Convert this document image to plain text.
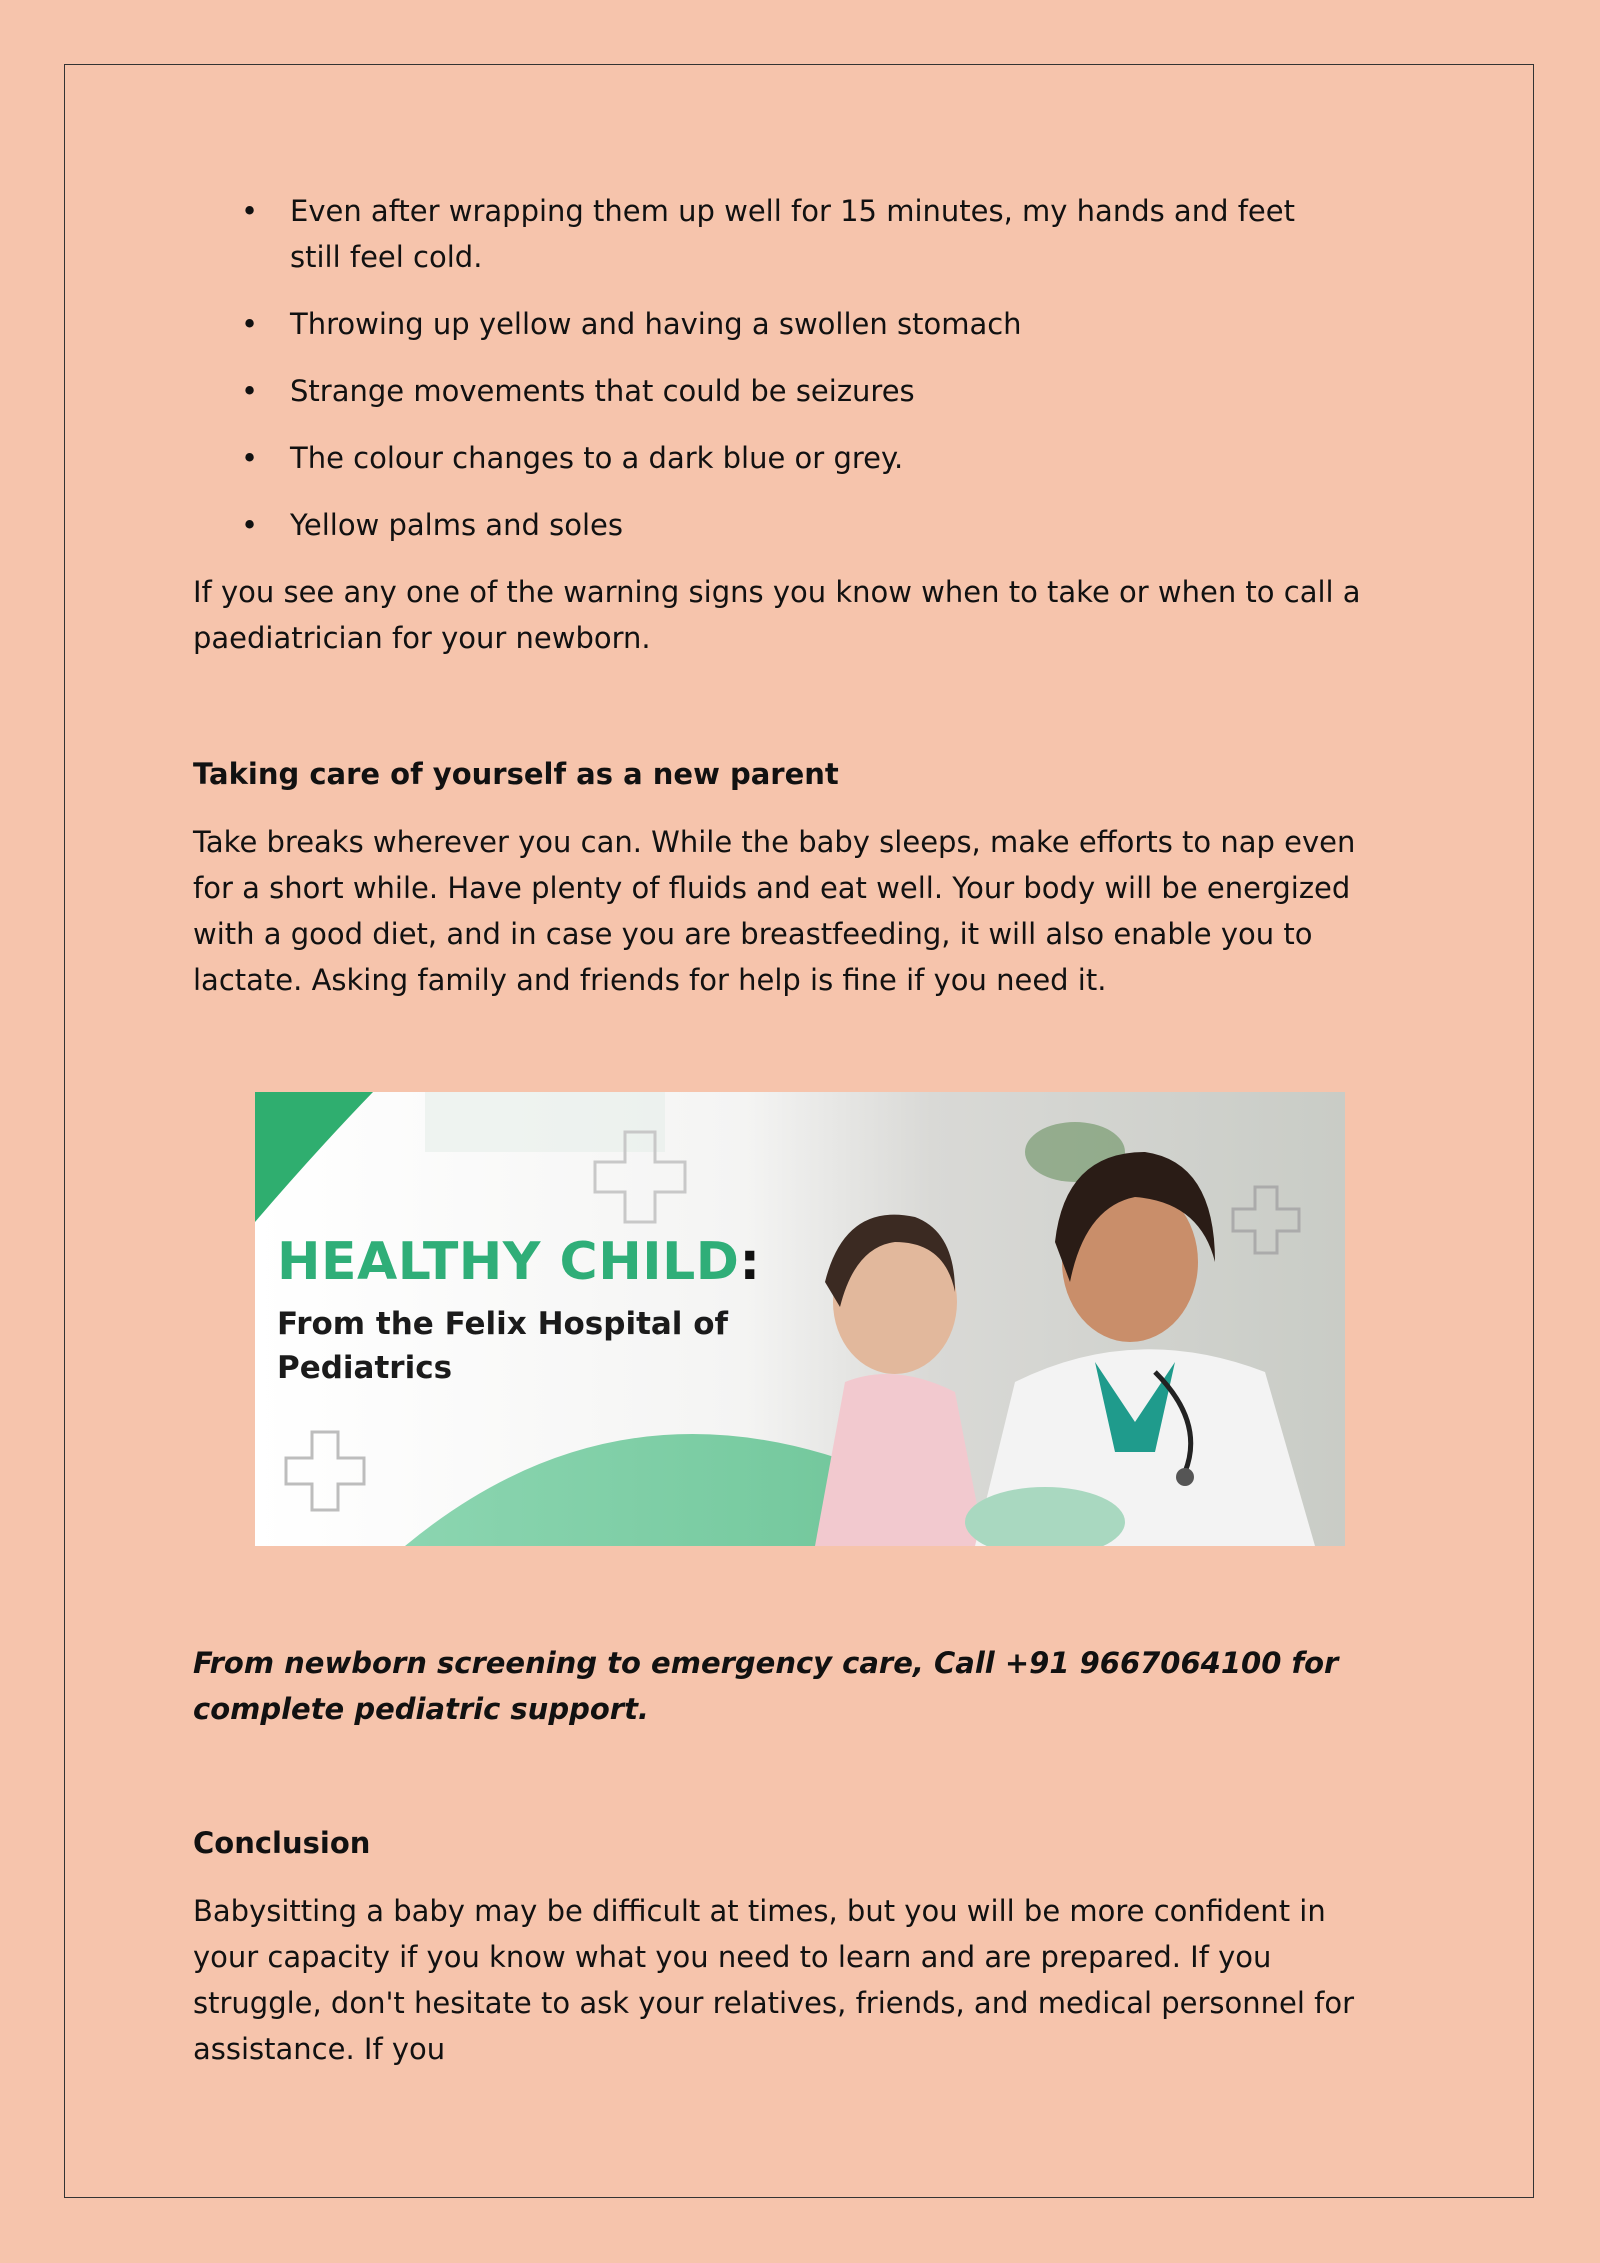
• Even after wrapping them up well for 15 minutes, my hands and feet still feel cold.
• Throwing up yellow and having a swollen stomach
• Strange movements that could be seizures
• The colour changes to a dark blue or grey.
• Yellow palms and soles

If you see any one of the warning signs you know when to take or when to call a paediatrician for your newborn.

Taking care of yourself as a new parent

Take breaks wherever you can. While the baby sleeps, make efforts to nap even for a short while. Have plenty of fluids and eat well. Your body will be energized with a good diet, and in case you are breastfeeding, it will also enable you to lactate. Asking family and friends for help is fine if you need it.

HEALTHY CHILD:
From the Felix Hospital of
Pediatrics

From newborn screening to emergency care, Call +91 9667064100 for complete pediatric support.

Conclusion

Babysitting a baby may be difficult at times, but you will be more confident in your capacity if you know what you need to learn and are prepared. If you struggle, don't hesitate to ask your relatives, friends, and medical personnel for assistance. If you
